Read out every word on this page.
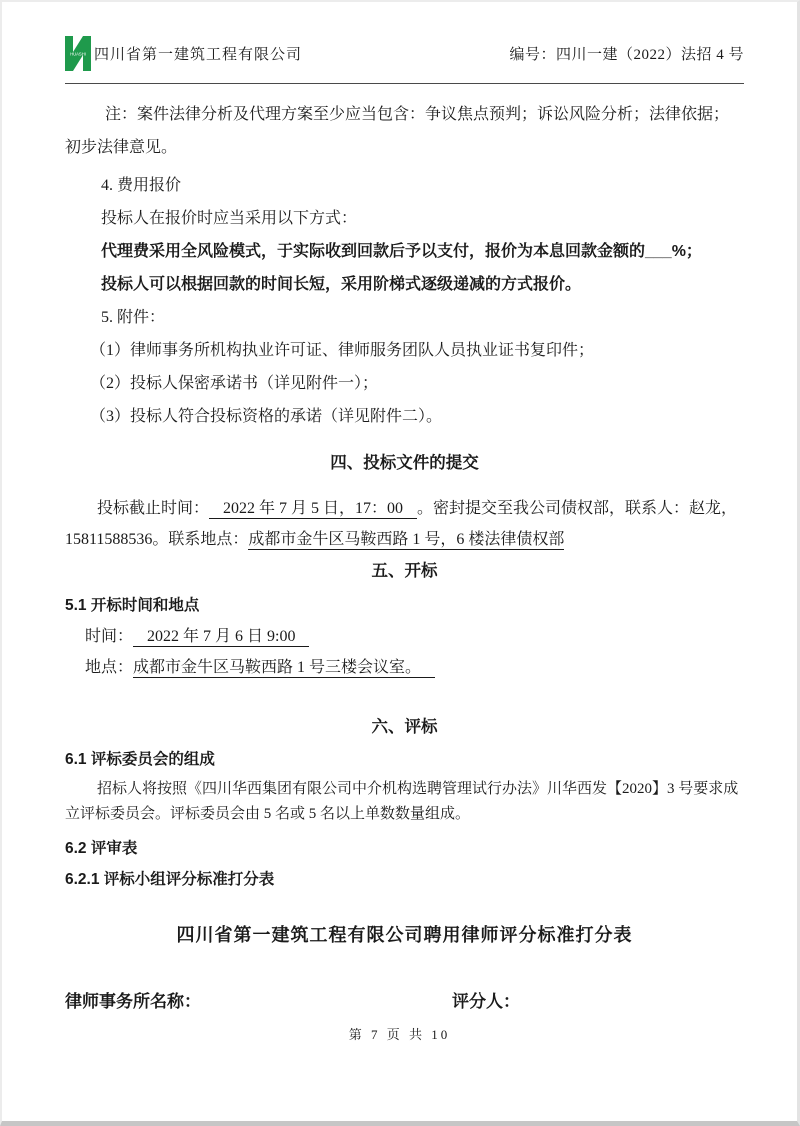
HUASHI 四川省第一建筑工程有限公司	编号：四川一建（2022）法招 4 号

注：案件法律分析及代理方案至少应当包含：争议焦点预判；诉讼风险分析；法律依据；初步法律意见。

4. 费用报价

投标人在报价时应当采用以下方式：

代理费采用全风险模式，于实际收到回款后予以支付，报价为本息回款金额的___%；

投标人可以根据回款的时间长短，采用阶梯式逐级递减的方式报价。

5. 附件：

（1）律师事务所机构执业许可证、律师服务团队人员执业证书复印件；

（2）投标人保密承诺书（详见附件一）；

（3）投标人符合投标资格的承诺（详见附件二）。

四、投标文件的提交

投标截止时间： 2022 年 7 月 5 日，17：00 。密封提交至我公司债权部，联系人：赵龙，15811588536。联系地点：成都市金牛区马鞍西路 1 号，6 楼法律债权部

五、开标

5.1 开标时间和地点

时间： 2022 年 7 月 6 日 9:00

地点：成都市金牛区马鞍西路 1 号三楼会议室。

六、评标

6.1 评标委员会的组成

招标人将按照《四川华西集团有限公司中介机构选聘管理试行办法》川华西发【2020】3 号要求成立评标委员会。评标委员会由 5 名或 5 名以上单数数量组成。

6.2 评审表

6.2.1 评标小组评分标准打分表

四川省第一建筑工程有限公司聘用律师评分标准打分表

律师事务所名称：	评分人：
第 7 页 共 10
